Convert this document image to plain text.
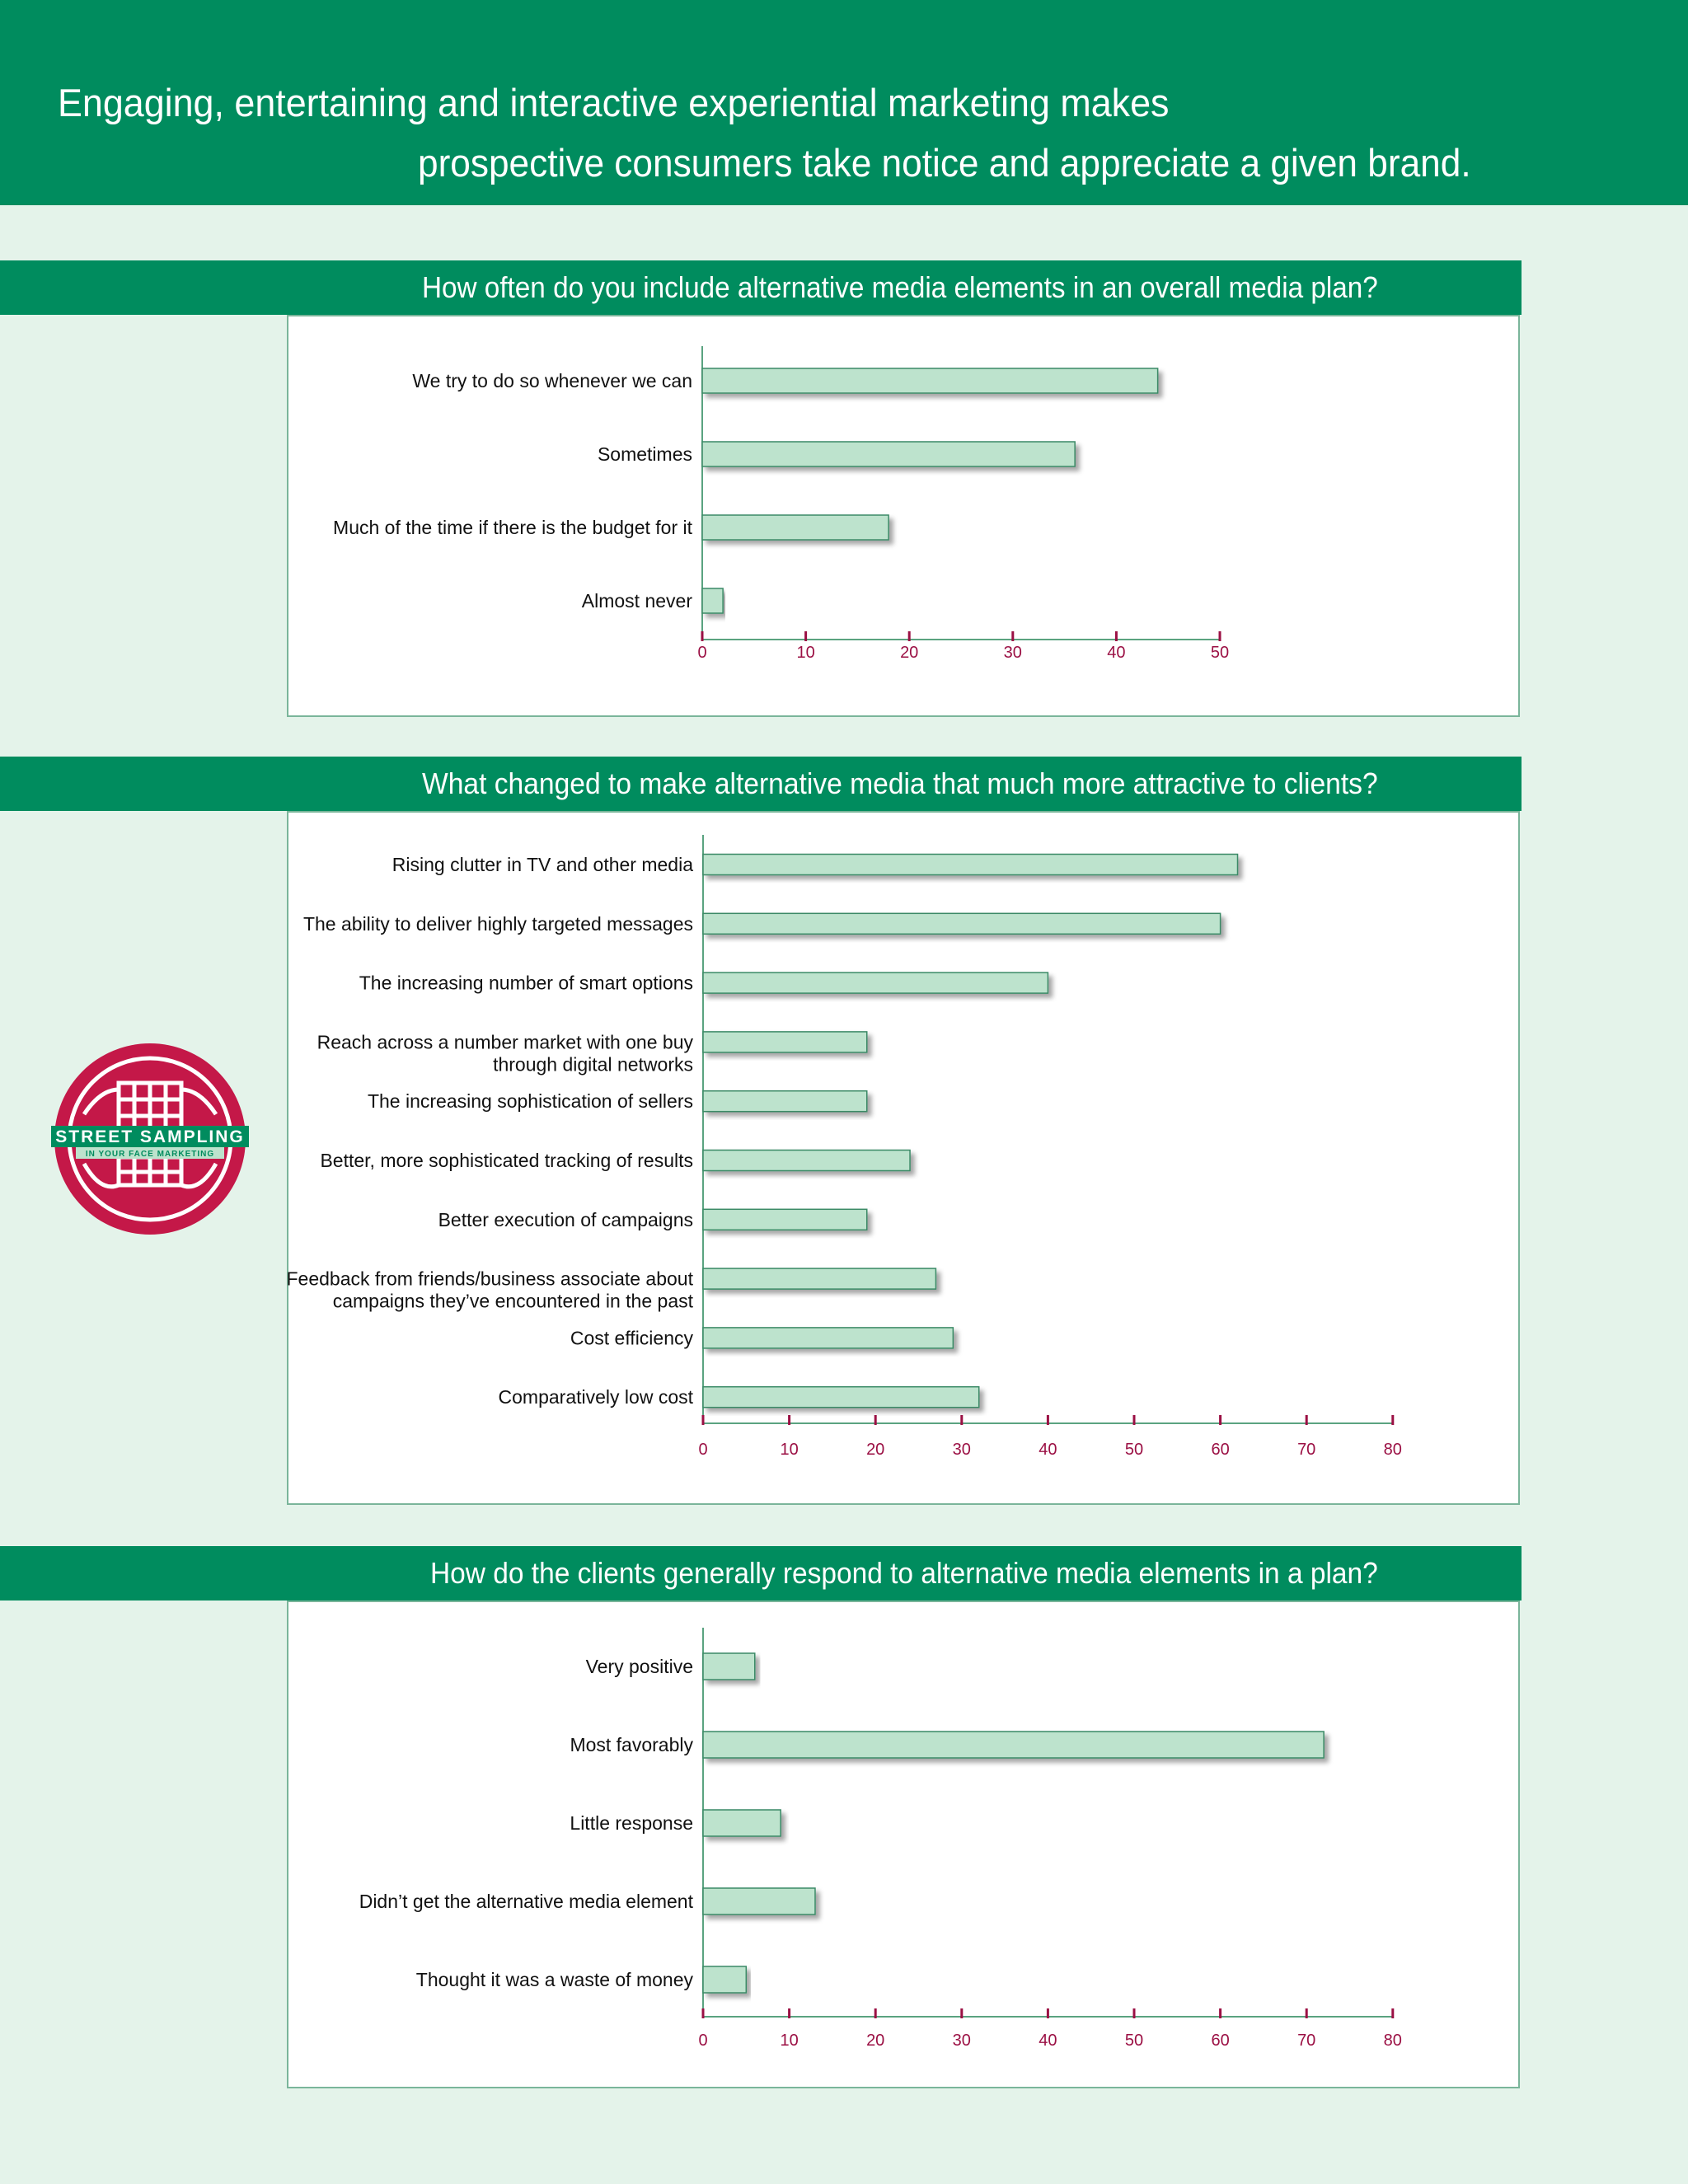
Engaging, entertaining and interactive experiential marketing makes
prospective consumers take notice and appreciate a given brand.
How often do you include alternative media elements in an overall media plan?
What changed to make alternative media that much more attractive to clients?
How do the clients generally respond to alternative media elements in a plan?
0	10	20	30	40	50
We try to do so whenever we can
Sometimes
Much of the time if there is the budget for it
Almost never
0	10	20	30	40	50	60	70	80
Rising clutter in TV and other media
The ability to deliver highly targeted messages
The increasing number of smart options
Reach across a number market with one buy
through digital networks
The increasing sophistication of sellers
Better, more sophisticated tracking of results
Better execution of campaigns
Feedback from friends/business associate about
campaigns they’ve encountered in the past
Cost efficiency
Comparatively low cost
0	10	20	30	40	50	60	70	80
Very positive
Most favorably
Little response
Didn’t get the alternative media element
Thought it was a waste of money
STREET SAMPLING
IN YOUR FACE MARKETING
